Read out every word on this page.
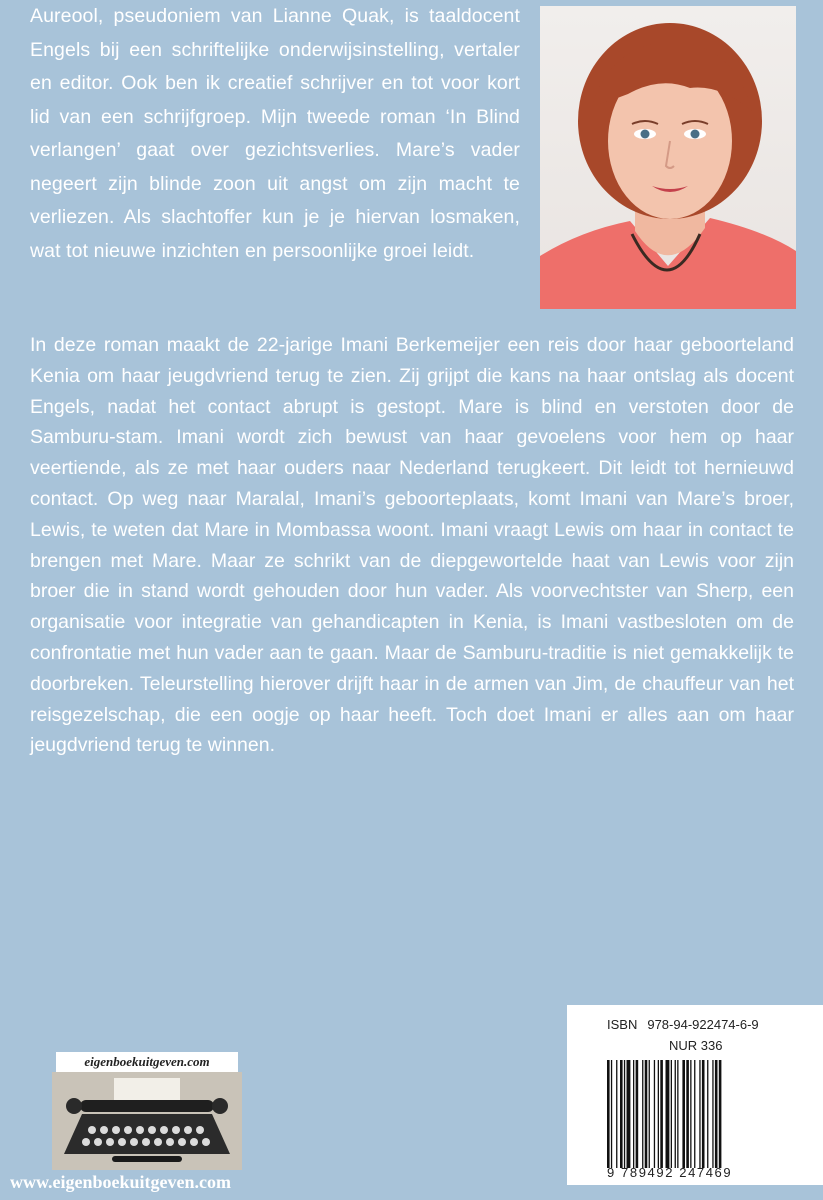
Aureool, pseudoniem van Lianne Quak, is taaldocent Engels bij een schriftelijke onderwijsinstelling, vertaler en editor. Ook ben ik creatief schrijver en tot voor kort lid van een schrijfgroep. Mijn tweede roman ‘In Blind verlangen’ gaat over gezichtsverlies. Mare’s vader negeert zijn blinde zoon uit angst om zijn macht te verliezen. Als slachtoffer kun je je hiervan losmaken, wat tot nieuwe inzichten en persoonlijke groei leidt.

In deze roman maakt de 22-jarige Imani Berkemeijer een reis door haar geboorteland Kenia om haar jeugdvriend terug te zien. Zij grijpt die kans na haar ontslag als docent Engels, nadat het contact abrupt is gestopt. Mare is blind en verstoten door de Samburu-stam. Imani wordt zich bewust van haar gevoelens voor hem op haar veertiende, als ze met haar ouders naar Nederland terugkeert. Dit leidt tot hernieuwd contact. Op weg naar Maralal, Imani’s geboorteplaats, komt Imani van Mare’s broer, Lewis, te weten dat Mare in Mombassa woont. Imani vraagt Lewis om haar in contact te brengen met Mare. Maar ze schrikt van de diepgewortelde haat van Lewis voor zijn broer die in stand wordt gehouden door hun vader. Als voorvechtster van Sherp, een organisatie voor integratie van gehandicapten in Kenia, is Imani vastbesloten om de confrontatie met hun vader aan te gaan. Maar de Samburu-traditie is niet gemakkelijk te doorbreken. Teleurstelling hierover drijft haar in de armen van Jim, de chauffeur van het reisgezelschap, die een oogje op haar heeft. Toch doet Imani er alles aan om haar jeugdvriend terug te winnen.

ISBN 978-94-922474-6-9
NUR 336
9 789492 247469
eigenboekuitgeven.com
www.eigenboekuitgeven.com
